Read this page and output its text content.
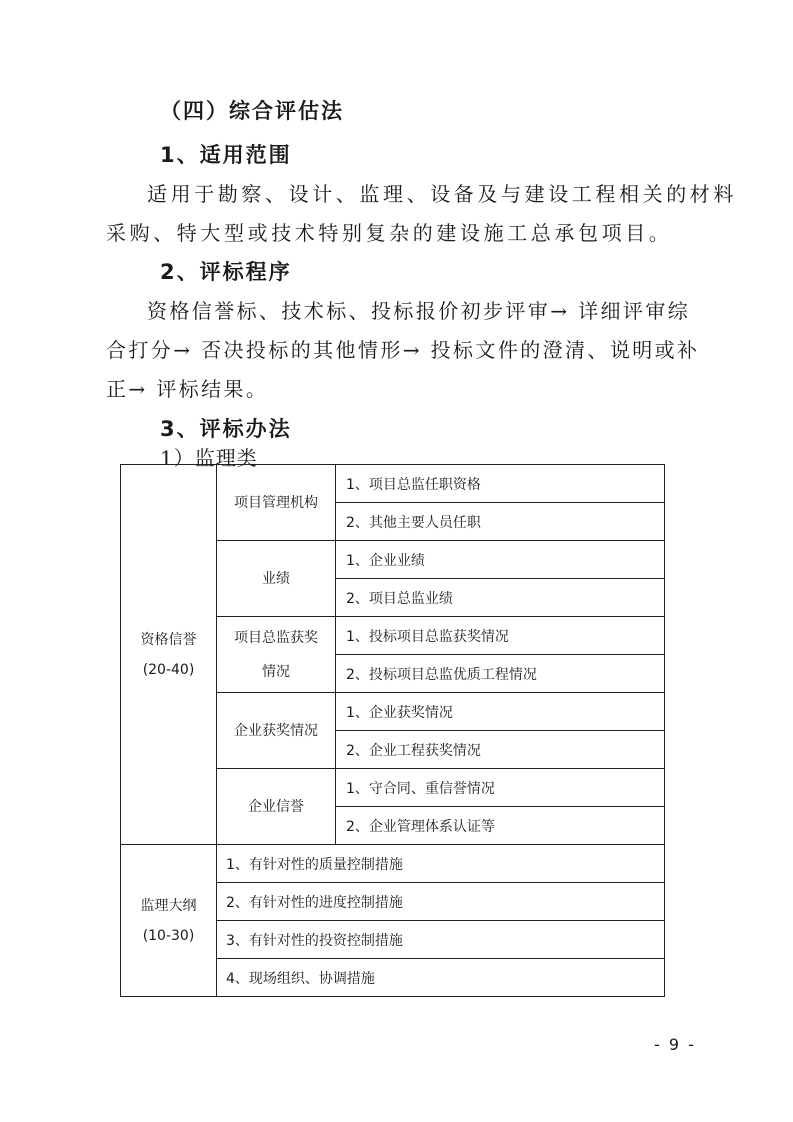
（四）综合评估法
1、适用范围
适用于勘察、设计、监理、设备及与建设工程相关的材料
采购、特大型或技术特别复杂的建设施工总承包项目。
2、评标程序
资格信誉标、技术标、投标报价初步评审→ 详细评审综
合打分→ 否决投标的其他情形→ 投标文件的澄清、说明或补
正→ 评标结果。
3、评标办法
1）监理类
资格信誉
(20-40)	项目管理机构	1、项目总监任职资格
		2、其他主要人员任职
	业绩	1、企业业绩
		2、项目总监业绩

	项目总监获奖
情况	1、投标项目总监获奖情况
		2、投标项目总监优质工程情况
	企业获奖情况	1、企业获奖情况
		2、企业工程获奖情况
	企业信誉	1、守合同、重信誉情况
		2、企业管理体系认证等

监理大纲
(10-30)	1、有针对性的质量控制措施	
	2、有针对性的进度控制措施	
	3、有针对性的投资控制措施	
	4、现场组织、协调措施	
- 9 -
